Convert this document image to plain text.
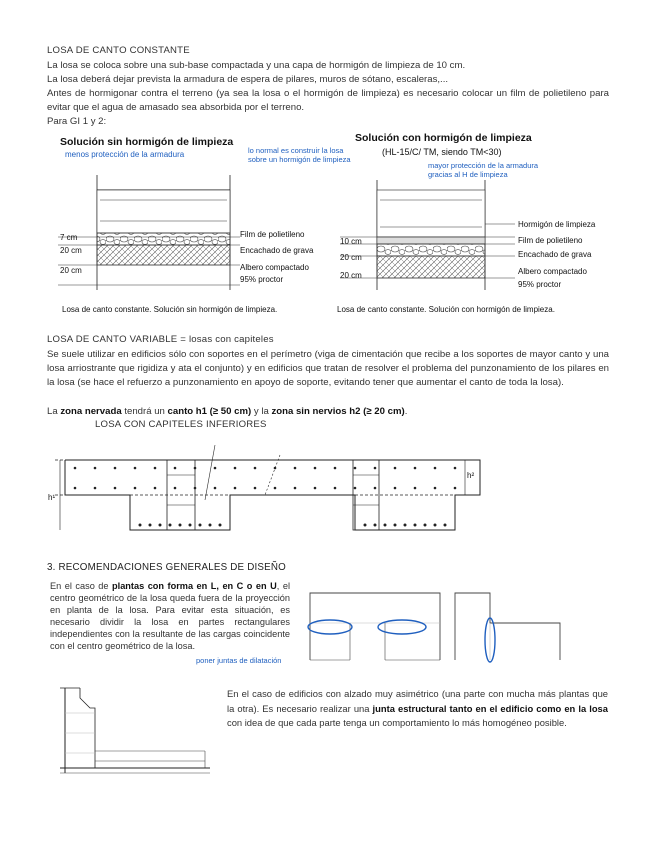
LOSA DE CANTO CONSTANTE
La losa se coloca sobre una sub-base compactada y una capa de hormigón de limpieza de 10 cm.
La losa deberá dejar prevista la armadura de espera de pilares, muros de sótano, escaleras,...
Antes de hormigonar contra el terreno (ya sea la losa o el hormigón de limpieza) es necesario colocar un film de polietileno para evitar que el agua de amasado sea absorbida por el terreno.
Para GI 1 y 2:
Solución sin hormigón de limpieza
menos protección de la armadura	lo normal es construir la losa
sobre un hormigón de limpieza
7 cm
20 cm
20 cm
Film de polietileno
Encachado de grava
Albero compactado
95% proctor
Losa de canto constante. Solución sin hormigón de limpieza.
Solución con hormigón de limpieza
(HL-15/C/ TM, siendo TM<30)
mayor protección de la armadura
gracias al H de limpieza
10 cm
20 cm
20 cm
Hormigón de limpieza
Film de polietileno
Encachado de grava
Albero compactado
95% proctor
Losa de canto constante. Solución con hormigón de limpieza.
LOSA DE CANTO VARIABLE = losas con capiteles
Se suele utilizar en edificios sólo con soportes en el perímetro (viga de cimentación que recibe a los soportes de mayor canto y una losa arriostrante que rigidiza y ata el conjunto) y en edificios que tratan de resolver el problema del punzonamiento de los pilares en la losa (se hace el refuerzo a punzonamiento en apoyo de soporte, evitando tener que aumentar el canto de toda la losa).
La zona nervada tendrá un canto h1 (≥ 50 cm) y la zona sin nervios h2 (≥ 20 cm).
LOSA CON CAPITELES INFERIORES
h¹
h²
3. RECOMENDACIONES GENERALES DE DISEÑO
En el caso de plantas con forma en L, en C o en U, el centro geométrico de la losa queda fuera de la proyección en planta de la losa. Para evitar esta situación, es necesario dividir la losa en partes rectangulares independientes con la resultante de las cargas coincidente con el centro geométrico de la losa.
poner juntas de dilatación
En el caso de edificios con alzado muy asimétrico (una parte con mucha más plantas que la otra). Es necesario realizar una junta estructural tanto en el edificio como en la losa con idea de que cada parte tenga un comportamiento lo más homogéneo posible.
